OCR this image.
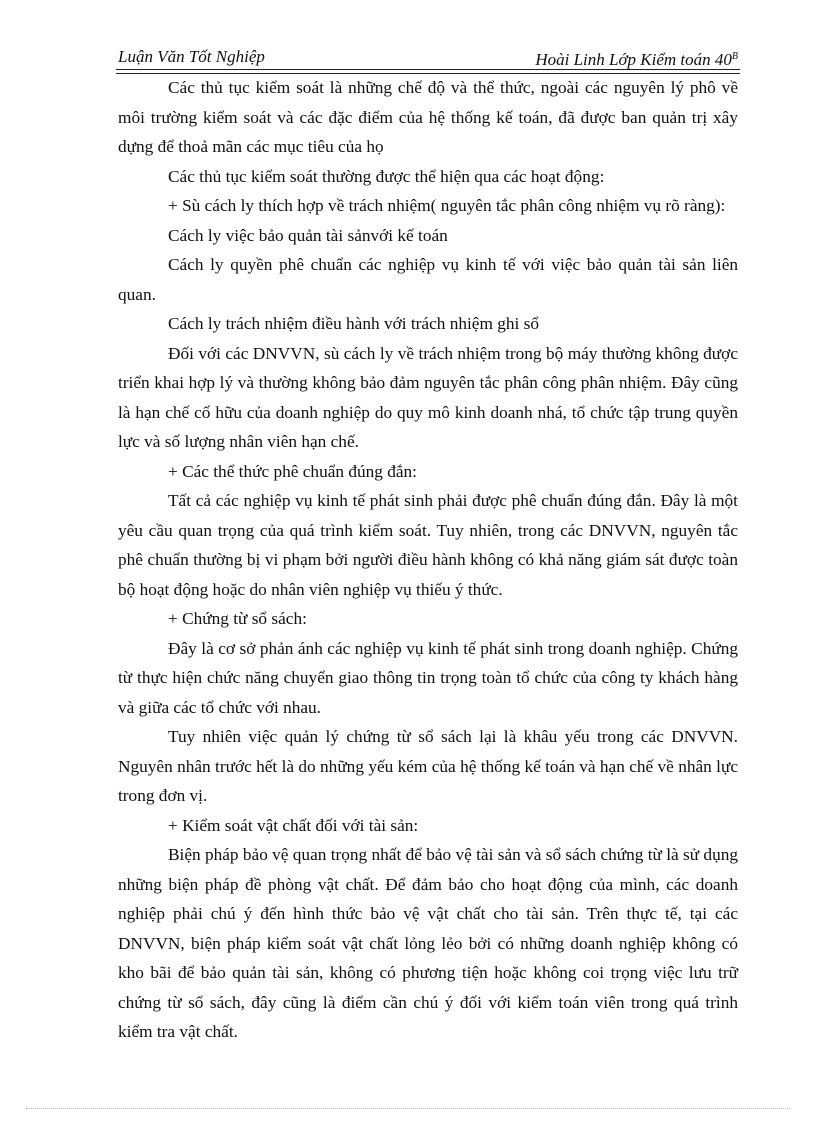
Luận Văn Tốt Nghiệp	Hoài Linh Lớp Kiểm toán $40^B$

Các thủ tục kiểm soát là những chế độ và thể thức, ngoài các nguyên lý phô về môi trường kiểm soát và các đặc điểm của hệ thống kế toán, đã được ban quản trị xây dựng để thoả mãn các mục tiêu của họ

Các thủ tục kiểm soát thường được thể hiện qua các hoạt động:

+ Sù cách ly thích hợp về trách nhiệm( nguyên tắc phân công nhiệm vụ rõ ràng):

Cách ly việc bảo quản tài sảnvới kế toán

Cách ly quyền phê chuẩn các nghiệp vụ kinh tế với việc bảo quản tài sản liên quan.

Cách ly trách nhiệm điều hành với trách nhiệm ghi sổ

Đối với các DNVVN, sù cách ly về trách nhiệm trong bộ máy thường không được triển khai hợp lý và thường không bảo đảm nguyên tắc phân công phân nhiệm. Đây cũng là hạn chế cố hữu của doanh nghiệp do quy mô kinh doanh nhá, tổ chức tập trung quyền lực và số lượng nhân viên hạn chế.

+ Các thể thức phê chuẩn đúng đắn:

Tất cả các nghiệp vụ kinh tế phát sinh phải được phê chuẩn đúng đắn. Đây là một yêu cầu quan trọng của quá trình kiểm soát. Tuy nhiên, trong các DNVVN, nguyên tắc phê chuẩn thường bị vi phạm bởi người điều hành không có khả năng giám sát được toàn bộ hoạt động hoặc do nhân viên nghiệp vụ thiếu ý thức.

+ Chứng từ sổ sách:

Đây là cơ sở phản ánh các nghiệp vụ kinh tế phát sinh trong doanh nghiệp. Chứng từ thực hiện chức năng chuyển giao thông tin trọng toàn tổ chức của công ty khách hàng và giữa các tổ chức với nhau.

Tuy nhiên việc quản lý chứng từ sổ sách lại là khâu yếu trong các DNVVN. Nguyên nhân trước hết là do những yếu kém của hệ thống kế toán và hạn chế về nhân lực trong đơn vị.

+ Kiểm soát vật chất đối với tài sản:

Biện pháp bảo vệ quan trọng nhất để bảo vệ tài sản và sổ sách chứng từ là sử dụng những biện pháp đề phòng vật chất. Để đảm bảo cho hoạt động của mình, các doanh nghiệp phải chú ý đến hình thức bảo vệ vật chất cho tài sản. Trên thực tế, tại các DNVVN, biện pháp kiểm soát vật chất lỏng lẻo bởi có những doanh nghiệp không có kho bãi để bảo quản tài sản, không có phương tiện hoặc không coi trọng việc lưu trữ chứng từ sổ sách, đây cũng là điểm cần chú ý đối với kiểm toán viên trong quá trình kiểm tra vật chất.
